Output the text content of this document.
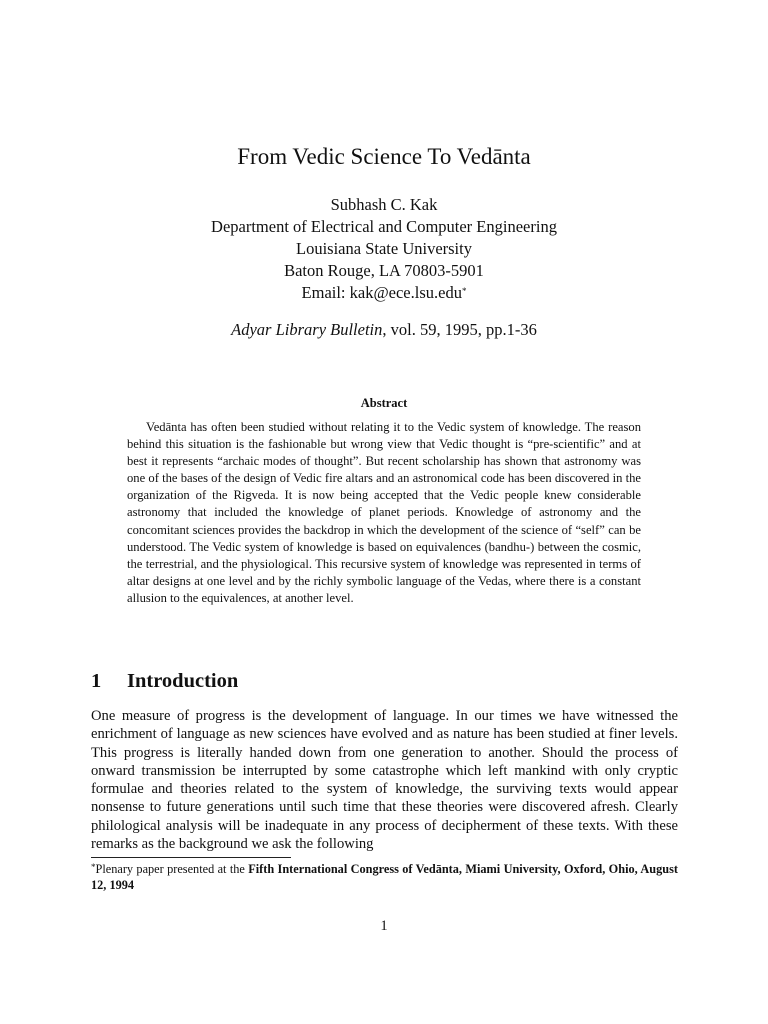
From Vedic Science To Vedānta
Subhash C. Kak
Department of Electrical and Computer Engineering
Louisiana State University
Baton Rouge, LA 70803-5901
Email: kak@ece.lsu.edu*
Adyar Library Bulletin, vol. 59, 1995, pp.1-36
Abstract
Vedānta has often been studied without relating it to the Vedic system of knowledge. The reason behind this situation is the fashionable but wrong view that Vedic thought is “pre-scientific” and at best it represents “archaic modes of thought”. But recent scholarship has shown that astronomy was one of the bases of the design of Vedic fire altars and an astronomical code has been discovered in the organization of the Rigveda. It is now being accepted that the Vedic people knew considerable astronomy that included the knowledge of planet periods. Knowledge of astronomy and the concomitant sciences provides the backdrop in which the development of the science of “self” can be understood. The Vedic system of knowledge is based on equivalences (bandhu-) between the cosmic, the terrestrial, and the physiological. This recursive system of knowledge was represented in terms of altar designs at one level and by the richly symbolic language of the Vedas, where there is a constant allusion to the equivalences, at another level.
1 Introduction
One measure of progress is the development of language. In our times we have witnessed the enrichment of language as new sciences have evolved and as nature has been studied at finer levels. This progress is literally handed down from one generation to another. Should the process of onward transmission be interrupted by some catastrophe which left mankind with only cryptic formulae and theories related to the system of knowledge, the surviving texts would appear nonsense to future generations until such time that these theories were discovered afresh. Clearly philological analysis will be inadequate in any process of decipherment of these texts. With these remarks as the background we ask the following
*Plenary paper presented at the Fifth International Congress of Vedānta, Miami University, Oxford, Ohio, August 12, 1994
1
